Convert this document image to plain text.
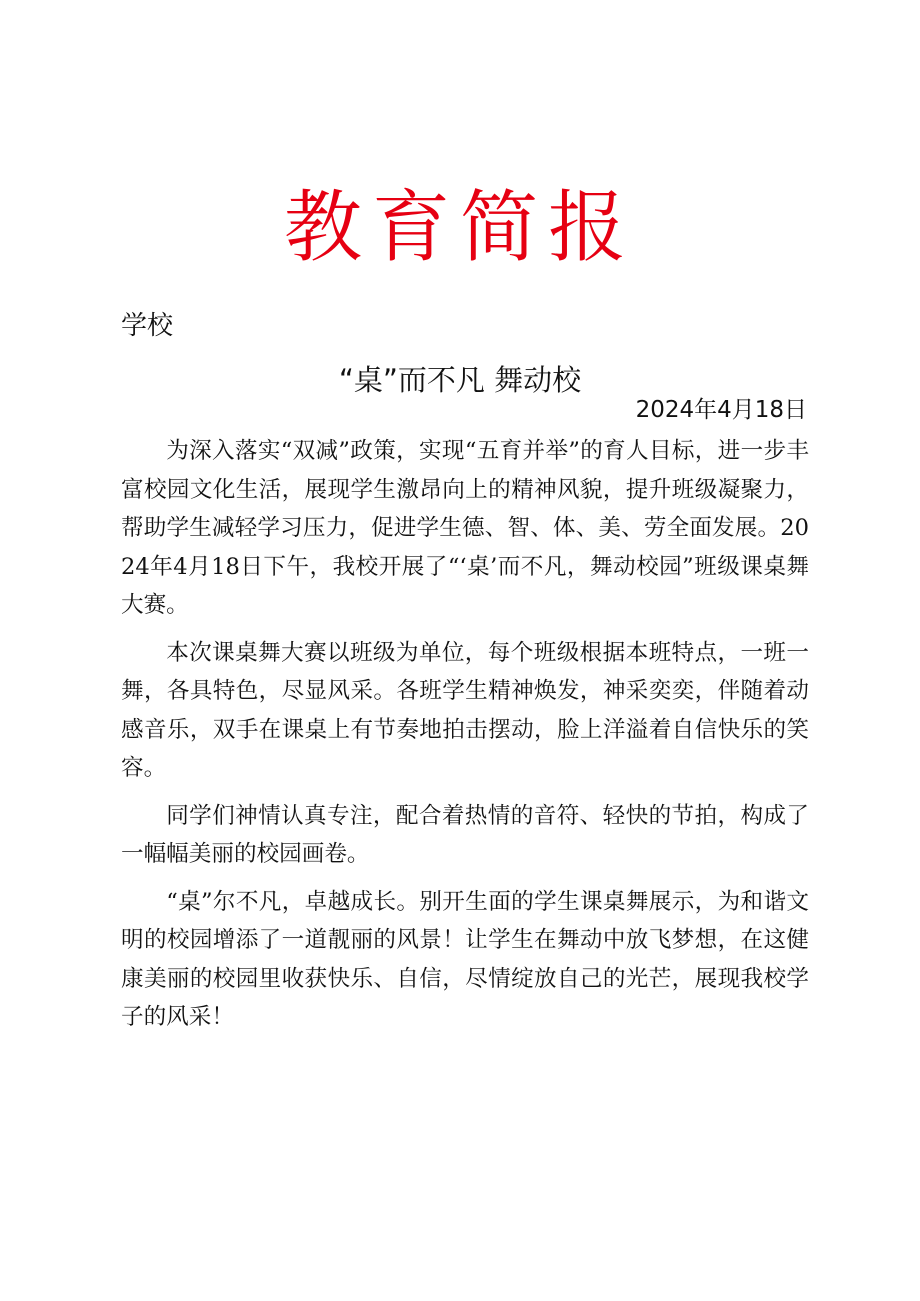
教育简报
学校
“桌”而不凡 舞动校
2024年4月18日

为深入落实“双减”政策，实现“五育并举”的育人目标，进一步丰富校园文化生活，展现学生激昂向上的精神风貌，提升班级凝聚力，帮助学生减轻学习压力，促进学生德、智、体、美、劳全面发展。2024年4月18日下午，我校开展了“‘桌’而不凡，舞动校园”班级课桌舞大赛。

本次课桌舞大赛以班级为单位，每个班级根据本班特点，一班一舞，各具特色，尽显风采。各班学生精神焕发，神采奕奕，伴随着动感音乐，双手在课桌上有节奏地拍击摆动，脸上洋溢着自信快乐的笑容。

同学们神情认真专注，配合着热情的音符、轻快的节拍，构成了一幅幅美丽的校园画卷。

“桌”尔不凡，卓越成长。别开生面的学生课桌舞展示，为和谐文明的校园增添了一道靓丽的风景！让学生在舞动中放飞梦想，在这健康美丽的校园里收获快乐、自信，尽情绽放自己的光芒，展现我校学子的风采！
